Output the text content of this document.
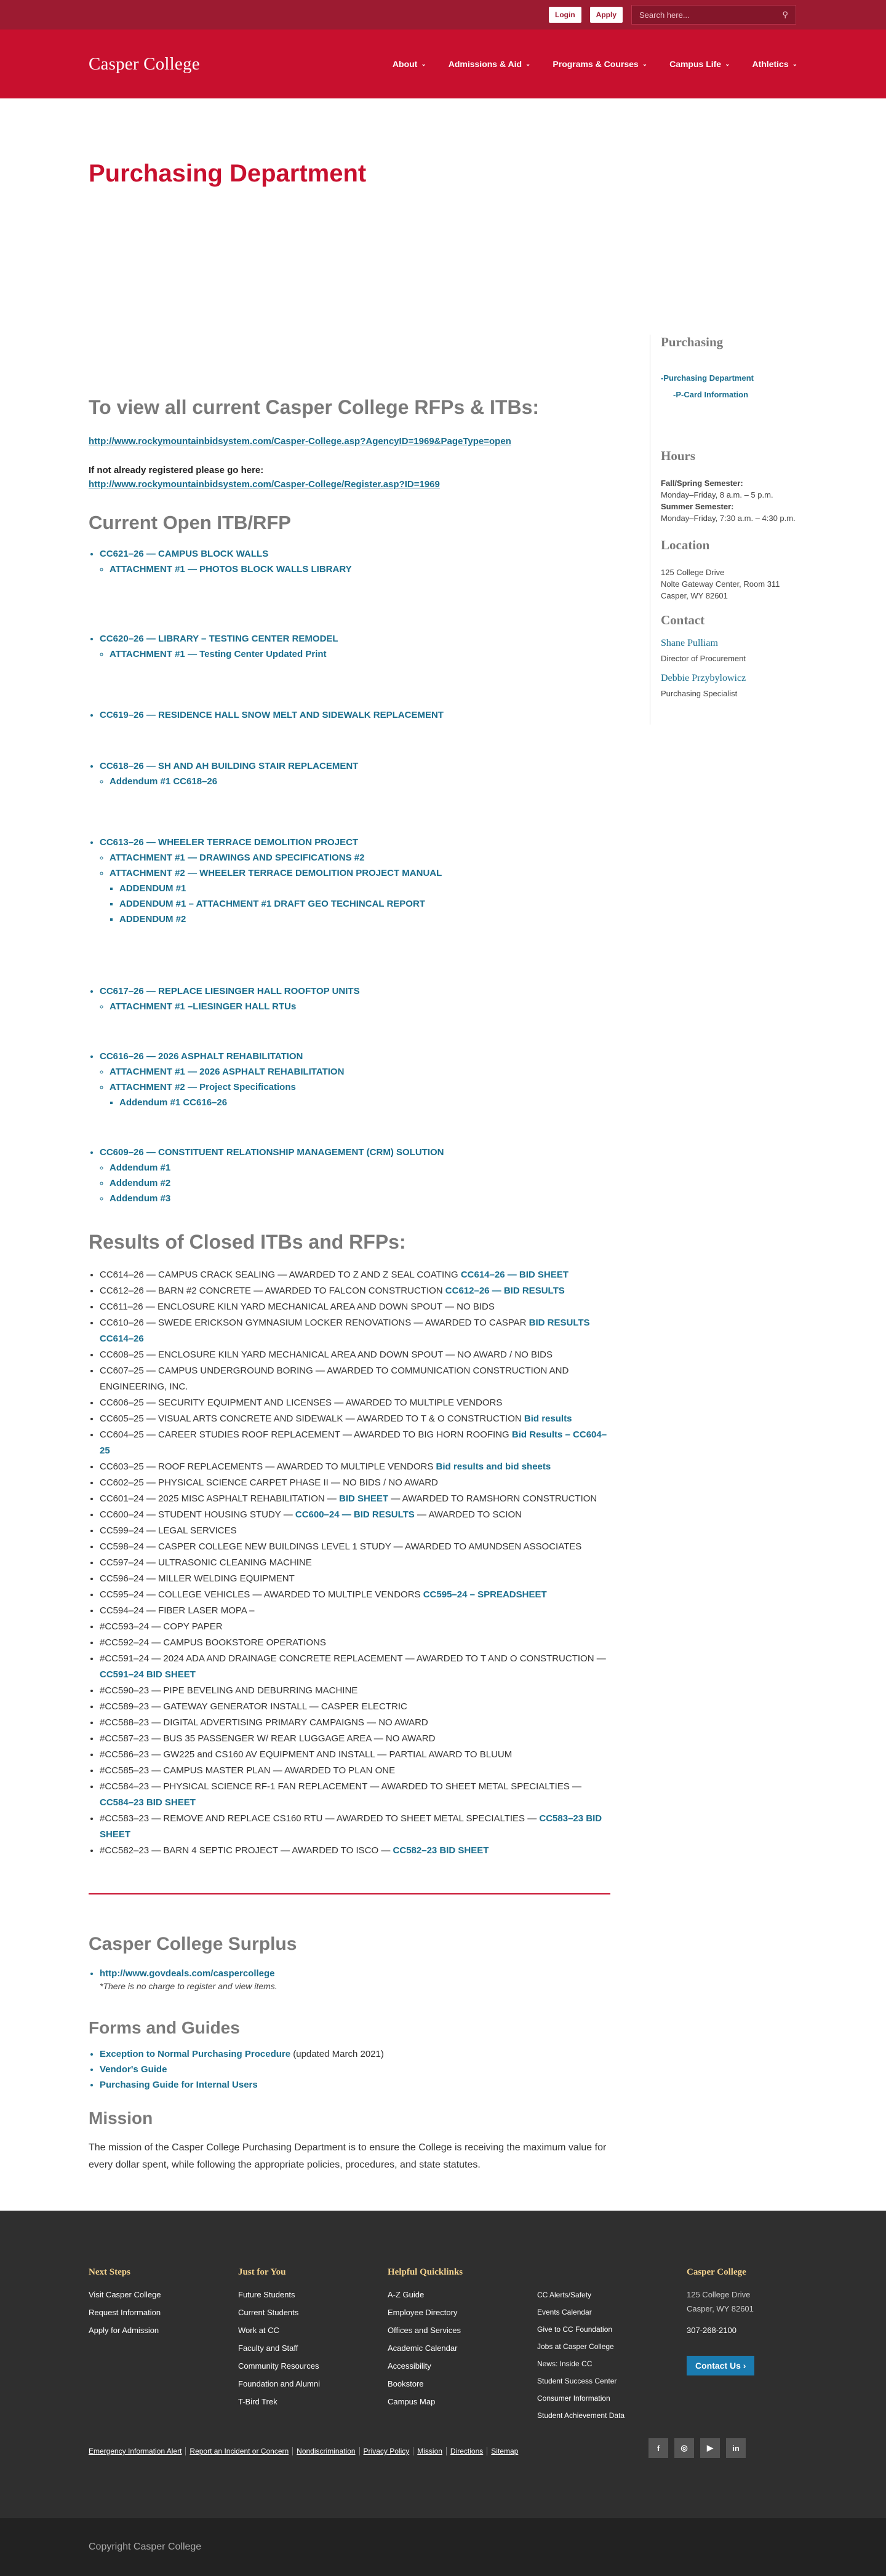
Login	Apply	Search here...	⚲
Casper College	About ⌄	Admissions & Aid ⌄	Programs & Courses ⌄	Campus Life ⌄	Athletics ⌄
Purchasing Department
To view all current Casper College RFPs & ITBs:
http://www.rockymountainbidsystem.com/Casper-College.asp?AgencyID=1969&PageType=open
If not already registered please go here:
http://www.rockymountainbidsystem.com/Casper-College/Register.asp?ID=1969
Current Open ITB/RFP
• CC621–26 — CAMPUS BLOCK WALLS
◦ ATTACHMENT #1 — PHOTOS BLOCK WALLS LIBRARY
• CC620–26 — LIBRARY – TESTING CENTER REMODEL
◦ ATTACHMENT #1 — Testing Center Updated Print
• CC619–26 — RESIDENCE HALL SNOW MELT AND SIDEWALK REPLACEMENT
• CC618–26 — SH AND AH BUILDING STAIR REPLACEMENT
◦ Addendum #1 CC618–26
• CC613–26 — WHEELER TERRACE DEMOLITION PROJECT
◦ ATTACHMENT #1 — DRAWINGS AND SPECIFICATIONS #2
◦ ATTACHMENT #2 — WHEELER TERRACE DEMOLITION PROJECT MANUAL
▪ ADDENDUM #1
▪ ADDENDUM #1 – ATTACHMENT #1 DRAFT GEO TECHINCAL REPORT
▪ ADDENDUM #2
• CC617–26 — REPLACE LIESINGER HALL ROOFTOP UNITS
◦ ATTACHMENT #1 –LIESINGER HALL RTUs
• CC616–26 — 2026 ASPHALT REHABILITATION
◦ ATTACHMENT #1 — 2026 ASPHALT REHABILITATION
◦ ATTACHMENT #2 — Project Specifications
▪ Addendum #1 CC616–26
• CC609–26 — CONSTITUENT RELATIONSHIP MANAGEMENT (CRM) SOLUTION
◦ Addendum #1
◦ Addendum #2
◦ Addendum #3
Results of Closed ITBs and RFPs:
• CC614–26 — CAMPUS CRACK SEALING — AWARDED TO Z AND Z SEAL COATING CC614–26 — BID SHEET
• CC612–26 — BARN #2 CONCRETE — AWARDED TO FALCON CONSTRUCTION CC612–26 — BID RESULTS
• CC611–26 — ENCLOSURE KILN YARD MECHANICAL AREA AND DOWN SPOUT — NO BIDS
• CC610–26 — SWEDE ERICKSON GYMNASIUM LOCKER RENOVATIONS — AWARDED TO CASPAR BID RESULTS CC614–26
• CC608–25 — ENCLOSURE KILN YARD MECHANICAL AREA AND DOWN SPOUT — NO AWARD / NO BIDS
• CC607–25 — CAMPUS UNDERGROUND BORING — AWARDED TO COMMUNICATION CONSTRUCTION AND ENGINEERING, INC.
• CC606–25 — SECURITY EQUIPMENT AND LICENSES — AWARDED TO MULTIPLE VENDORS
• CC605–25 — VISUAL ARTS CONCRETE AND SIDEWALK — AWARDED TO T & O CONSTRUCTION Bid results
• CC604–25 — CAREER STUDIES ROOF REPLACEMENT — AWARDED TO BIG HORN ROOFING Bid Results – CC604–25
• CC603–25 — ROOF REPLACEMENTS — AWARDED TO MULTIPLE VENDORS Bid results and bid sheets
• CC602–25 — PHYSICAL SCIENCE CARPET PHASE II — NO BIDS / NO AWARD
• CC601–24 — 2025 MISC ASPHALT REHABILITATION — BID SHEET — AWARDED TO RAMSHORN CONSTRUCTION
• CC600–24 — STUDENT HOUSING STUDY — CC600–24 — BID RESULTS — AWARDED TO SCION
• CC599–24 — LEGAL SERVICES
• CC598–24 — CASPER COLLEGE NEW BUILDINGS LEVEL 1 STUDY — AWARDED TO AMUNDSEN ASSOCIATES
• CC597–24 — ULTRASONIC CLEANING MACHINE
• CC596–24 — MILLER WELDING EQUIPMENT
• CC595–24 — COLLEGE VEHICLES — AWARDED TO MULTIPLE VENDORS CC595–24 – SPREADSHEET
• CC594–24 — FIBER LASER MOPA –
• #CC593–24 — COPY PAPER
• #CC592–24 — CAMPUS BOOKSTORE OPERATIONS
• #CC591–24 — 2024 ADA AND DRAINAGE CONCRETE REPLACEMENT — AWARDED TO T AND O CONSTRUCTION — CC591–24 BID SHEET
• #CC590–23 — PIPE BEVELING AND DEBURRING MACHINE
• #CC589–23 — GATEWAY GENERATOR INSTALL — CASPER ELECTRIC
• #CC588–23 — DIGITAL ADVERTISING PRIMARY CAMPAIGNS — NO AWARD
• #CC587–23 — BUS 35 PASSENGER W/ REAR LUGGAGE AREA — NO AWARD
• #CC586–23 — GW225 and CS160 AV EQUIPMENT AND INSTALL — PARTIAL AWARD TO BLUUM
• #CC585–23 — CAMPUS MASTER PLAN — AWARDED TO PLAN ONE
• #CC584–23 — PHYSICAL SCIENCE RF-1 FAN REPLACEMENT — AWARDED TO SHEET METAL SPECIALTIES — CC584–23 BID SHEET
• #CC583–23 — REMOVE AND REPLACE CS160 RTU — AWARDED TO SHEET METAL SPECIALTIES — CC583–23 BID SHEET
• #CC582–23 — BARN 4 SEPTIC PROJECT — AWARDED TO ISCO — CC582–23 BID SHEET
Casper College Surplus
• http://www.govdeals.com/caspercollege
*There is no charge to register and view items.
Forms and Guides
• Exception to Normal Purchasing Procedure (updated March 2021)
• Vendor's Guide
• Purchasing Guide for Internal Users
Mission

The mission of the Casper College Purchasing Department is to ensure the College is receiving the maximum value for every dollar spent, while following the appropriate policies, procedures, and state statutes.

Purchasing
-Purchasing Department
-P-Card Information
Hours
Fall/Spring Semester:
Monday–Friday, 8 a.m. – 5 p.m.
Summer Semester:
Monday–Friday, 7:30 a.m. – 4:30 p.m.
Location
125 College Drive
Nolte Gateway Center, Room 311
Casper, WY 82601
Contact
Shane Pulliam
Director of Procurement
Debbie Przybylowicz
Purchasing Specialist
Next Steps
Visit Casper College
Request Information
Apply for Admission
Just for You
Future Students
Current Students
Work at CC
Faculty and Staff
Community Resources
Foundation and Alumni
T-Bird Trek
Helpful Quicklinks
A-Z Guide
Employee Directory
Offices and Services
Academic Calendar
Accessibility
Bookstore
Campus Map
CC Alerts/Safety
Events Calendar
Give to CC Foundation
Jobs at Casper College
News: Inside CC
Student Success Center
Consumer Information
Student Achievement Data
Casper College
125 College Drive
Casper, WY 82601
307-268-2100
Contact Us ›
Emergency Information Alert	Report an Incident or Concern	Nondiscrimination	Privacy Policy	Mission	Directions	Sitemap	f	◎	▶	in
Copyright Casper College
